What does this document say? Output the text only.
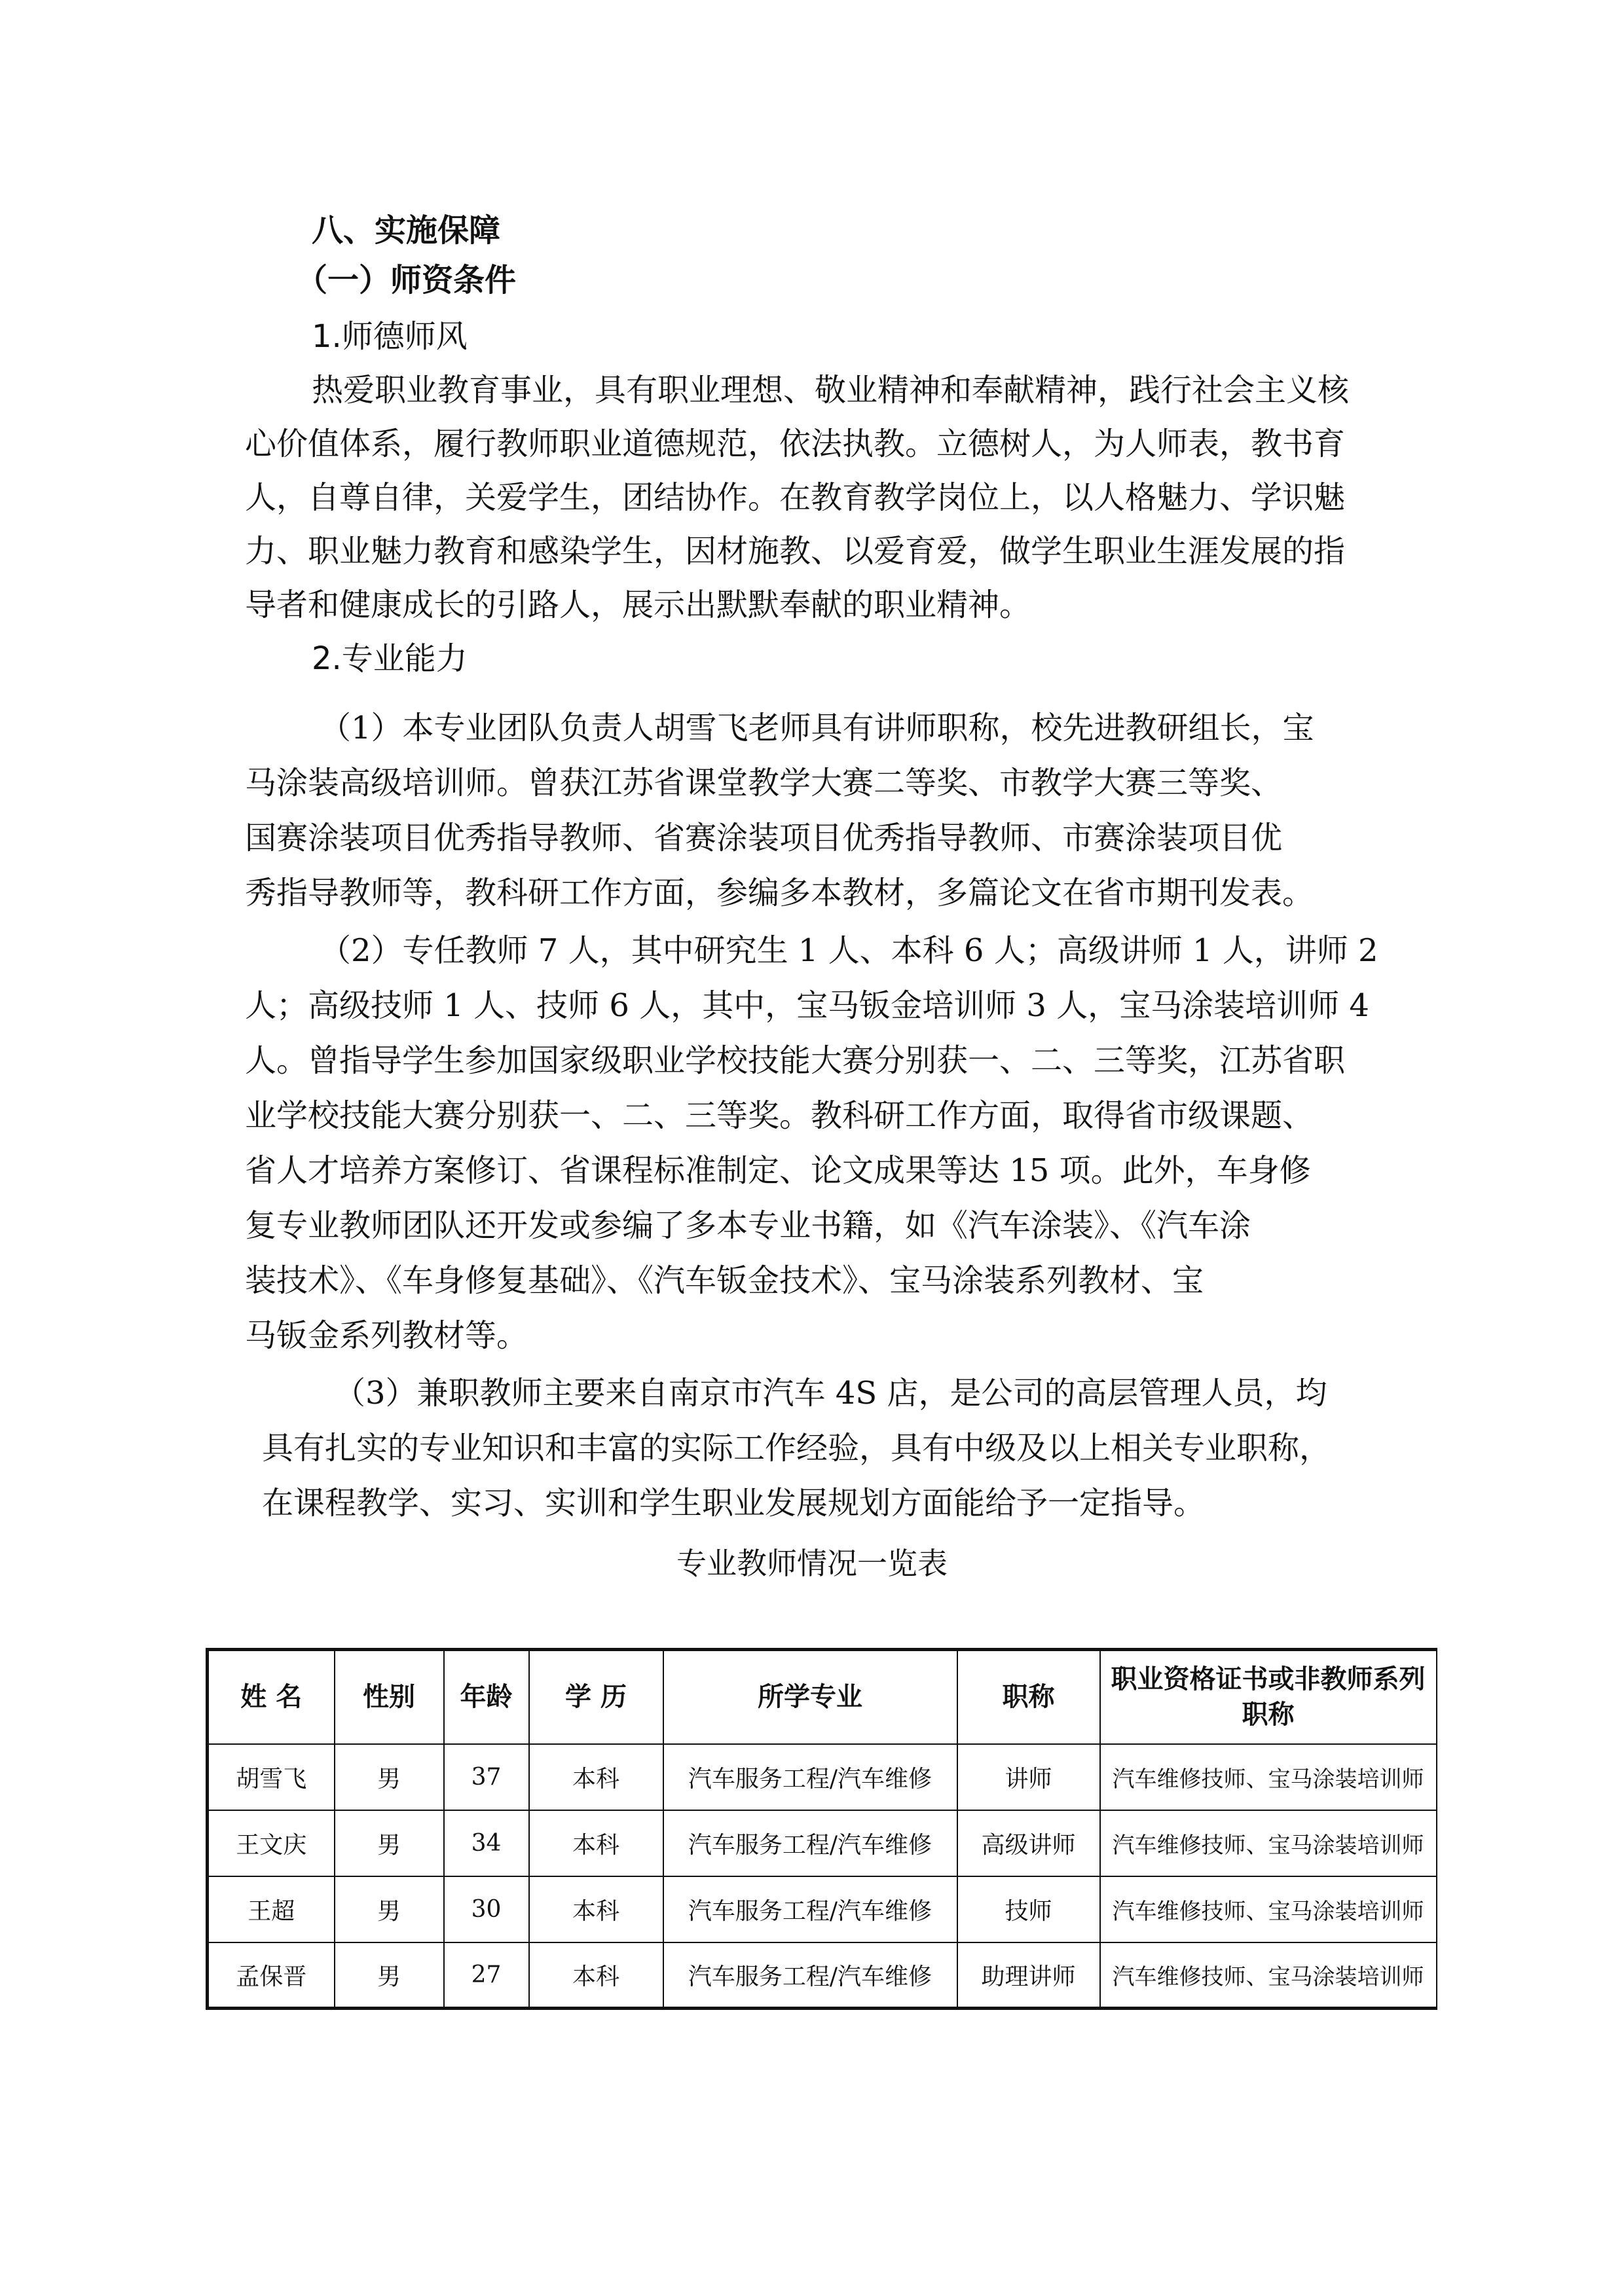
八、实施保障
（一）师资条件
1.师德师风
热爱职业教育事业，具有职业理想、敬业精神和奉献精神，践行社会主义核
心价值体系，履行教师职业道德规范，依法执教。立德树人，为人师表，教书育
人，自尊自律，关爱学生，团结协作。在教育教学岗位上，以人格魅力、学识魅
力、职业魅力教育和感染学生，因材施教、以爱育爱，做学生职业生涯发展的指
导者和健康成长的引路人，展示出默默奉献的职业精神。
2.专业能力
（1）本专业团队负责人胡雪飞老师具有讲师职称，校先进教研组长，宝
马涂装高级培训师。曾获江苏省课堂教学大赛二等奖、市教学大赛三等奖、
国赛涂装项目优秀指导教师、省赛涂装项目优秀指导教师、市赛涂装项目优
秀指导教师等，教科研工作方面，参编多本教材，多篇论文在省市期刊发表。
（2）专任教师 7 人，其中研究生 1 人、本科 6 人；高级讲师 1 人，讲师 2
人；高级技师 1 人、技师 6 人，其中，宝马钣金培训师 3 人，宝马涂装培训师 4
人。曾指导学生参加国家级职业学校技能大赛分别获一、二、三等奖，江苏省职
业学校技能大赛分别获一、二、三等奖。教科研工作方面，取得省市级课题、
省人才培养方案修订、省课程标准制定、论文成果等达 15 项。此外，车身修
复专业教师团队还开发或参编了多本专业书籍，如《汽车涂装》、《汽车涂
装技术》、《车身修复基础》、《汽车钣金技术》、宝马涂装系列教材、宝
马钣金系列教材等。
（3）兼职教师主要来自南京市汽车 4S 店，是公司的高层管理人员，均
具有扎实的专业知识和丰富的实际工作经验，具有中级及以上相关专业职称，
在课程教学、实习、实训和学生职业发展规划方面能给予一定指导。
专业教师情况一览表
姓 名	性别	年龄	学 历	所学专业	职称	职业资格证书或非教师系列职称
胡雪飞	男	37	本科	汽车服务工程/汽车维修	讲师	汽车维修技师、宝马涂装培训师
王文庆	男	34	本科	汽车服务工程/汽车维修	高级讲师	汽车维修技师、宝马涂装培训师
王超	男	30	本科	汽车服务工程/汽车维修	技师	汽车维修技师、宝马涂装培训师
孟保晋	男	27	本科	汽车服务工程/汽车维修	助理讲师	汽车维修技师、宝马涂装培训师
